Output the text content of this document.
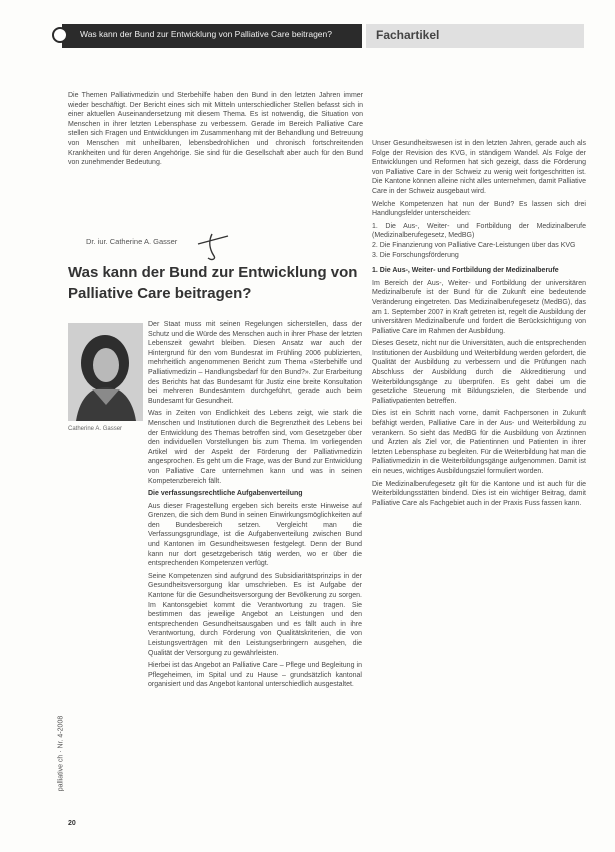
Was kann der Bund zur Entwicklung von Palliative Care beitragen?	Fachartikel
Die Themen Palliativmedizin und Sterbehilfe haben den Bund in den letzten Jahren immer wieder beschäftigt. Der Bericht eines sich mit Mitteln unterschiedlicher Stellen befasst sich in einer aktuellen Auseinandersetzung mit diesem Thema. Es ist notwendig, die Situation von Menschen in ihrer letzten Lebensphase zu verbessern. Gerade im Bereich Palliative Care stellen sich Fragen und Entwicklungen im Zusammenhang mit der Behandlung und Betreuung von Menschen mit unheilbaren, lebensbedrohlichen und chronisch fortschreitenden Krankheiten und für deren Angehörige. Sie sind für die Gesellschaft aber auch für den Bund von zunehmender Bedeutung.
Dr. iur. Catherine A. Gasser
Was kann der Bund zur Entwicklung von Palliative Care beitragen?
Catherine A. Gasser

Der Staat muss mit seinen Regelungen sicherstellen, dass der Schutz und die Würde des Menschen auch in ihrer Phase der letzten Lebenszeit gewahrt bleiben. Diesen Ansatz war auch der Hintergrund für den vom Bundesrat im Frühling 2006 publizierten, mehrheitlich angenommenen Bericht zum Thema «Sterbehilfe und Palliativmedizin – Handlungsbedarf für den Bund?». Zur Erarbeitung des Berichts hat das Bundesamt für Justiz eine breite Konsultation bei mehreren Bundesämtern durchgeführt, gerade auch beim Bundesamt für Gesundheit.

Was in Zeiten von Endlichkeit des Lebens zeigt, wie stark die Menschen und Institutionen durch die Begrenztheit des Lebens bei der Entwicklung des Themas betroffen sind, vom Gesetzgeber über den individuellen Vorstellungen bis zum Thema. Im vorliegenden Artikel wird der Aspekt der Förderung der Palliativmedizin angesprochen. Es geht um die Frage, was der Bund zur Entwicklung von Palliative Care unternehmen kann und was in seinen Kompetenzbereich fällt.

Die verfassungsrechtliche Aufgabenverteilung

Aus dieser Fragestellung ergeben sich bereits erste Hinweise auf Grenzen, die sich dem Bund in seinen Einwirkungsmöglichkeiten auf den Bundesbereich setzen. Vergleicht man die Verfassungsgrundlage, ist die Aufgabenverteilung zwischen Bund und Kantonen im Gesundheitswesen festgelegt. Denn der Bund kann nur dort gesetzgeberisch tätig werden, wo er über die entsprechenden Kompetenzen verfügt.

Seine Kompetenzen sind aufgrund des Subsidiaritätsprinzips in der Gesundheitsversorgung klar umschrieben. Es ist Aufgabe der Kantone für die Gesundheitsversorgung der Bevölkerung zu sorgen. Im Kantonsgebiet kommt die Verantwortung zu tragen. Sie bestimmen das jeweilige Angebot an Leistungen und den entsprechenden Gesundheitsausgaben und es fällt auch in ihre Verantwortung, durch Förderung von Qualitätskriterien, die von Leistungsverträgen mit den Leistungserbringern ausgehen, die Qualität der Versorgung zu gewährleisten.

Hierbei ist das Angebot an Palliative Care – Pflege und Begleitung in Pflegeheimen, im Spital und zu Hause – grundsätzlich kantonal organisiert und das Angebot kantonal unterschiedlich ausgestaltet.

Unser Gesundheitswesen ist in den letzten Jahren, gerade auch als Folge der Revision des KVG, in ständigem Wandel. Als Folge der Entwicklungen und Reformen hat sich gezeigt, dass die Förderung von Palliative Care in der Schweiz zu wenig weit fortgeschritten ist. Die Kantone können alleine nicht alles unternehmen, damit Palliative Care in der Schweiz ausgebaut wird.

Welche Kompetenzen hat nun der Bund? Es lassen sich drei Handlungsfelder unterscheiden:

1. Die Aus-, Weiter- und Fortbildung der Medizinalberufe (Medizinalberufegesetz, MedBG)

2. Die Finanzierung von Palliative Care-Leistungen über das KVG

3. Die Forschungsförderung

1. Die Aus-, Weiter- und Fortbildung der Medizinalberufe

Im Bereich der Aus-, Weiter- und Fortbildung der universitären Medizinalberufe ist der Bund für die Zukunft eine bedeutende Veränderung eingetreten. Das Medizinalberufegesetz (MedBG), das am 1. September 2007 in Kraft getreten ist, regelt die Ausbildung der universitären Medizinalberufe und fordert die Berücksichtigung von Palliative Care im Rahmen der Ausbildung.

Dieses Gesetz, nicht nur die Universitäten, auch die entsprechenden Institutionen der Ausbildung und Weiterbildung werden gefordert, die Qualität der Ausbildung zu verbessern und die Prüfungen nach Abschluss der Ausbildung durch die Akkreditierung und Weiterbildungsgänge zu überprüfen. Es geht dabei um die gesetzliche Steuerung mit Bildungszielen, die Sterbende und Palliativpatienten betreffen.

Dies ist ein Schritt nach vorne, damit Fachpersonen in Zukunft befähigt werden, Palliative Care in der Aus- und Weiterbildung zu verankern. So sieht das MedBG für die Ausbildung von Ärztinnen und Ärzten als Ziel vor, die Patientinnen und Patienten in ihrer letzten Lebensphase zu begleiten. Für die Weiterbildung hat man die Palliativmedizin in die Weiterbildungsgänge aufgenommen. Damit ist ein neues, wichtiges Ausbildungsziel formuliert worden.

Die Medizinalberufegesetz gilt für die Kantone und ist auch für die Weiterbildungsstätten bindend. Dies ist ein wichtiger Beitrag, damit Palliative Care als Fachgebiet auch in der Praxis Fuss fassen kann.

palliative ch · Nr. 4-2008
20
